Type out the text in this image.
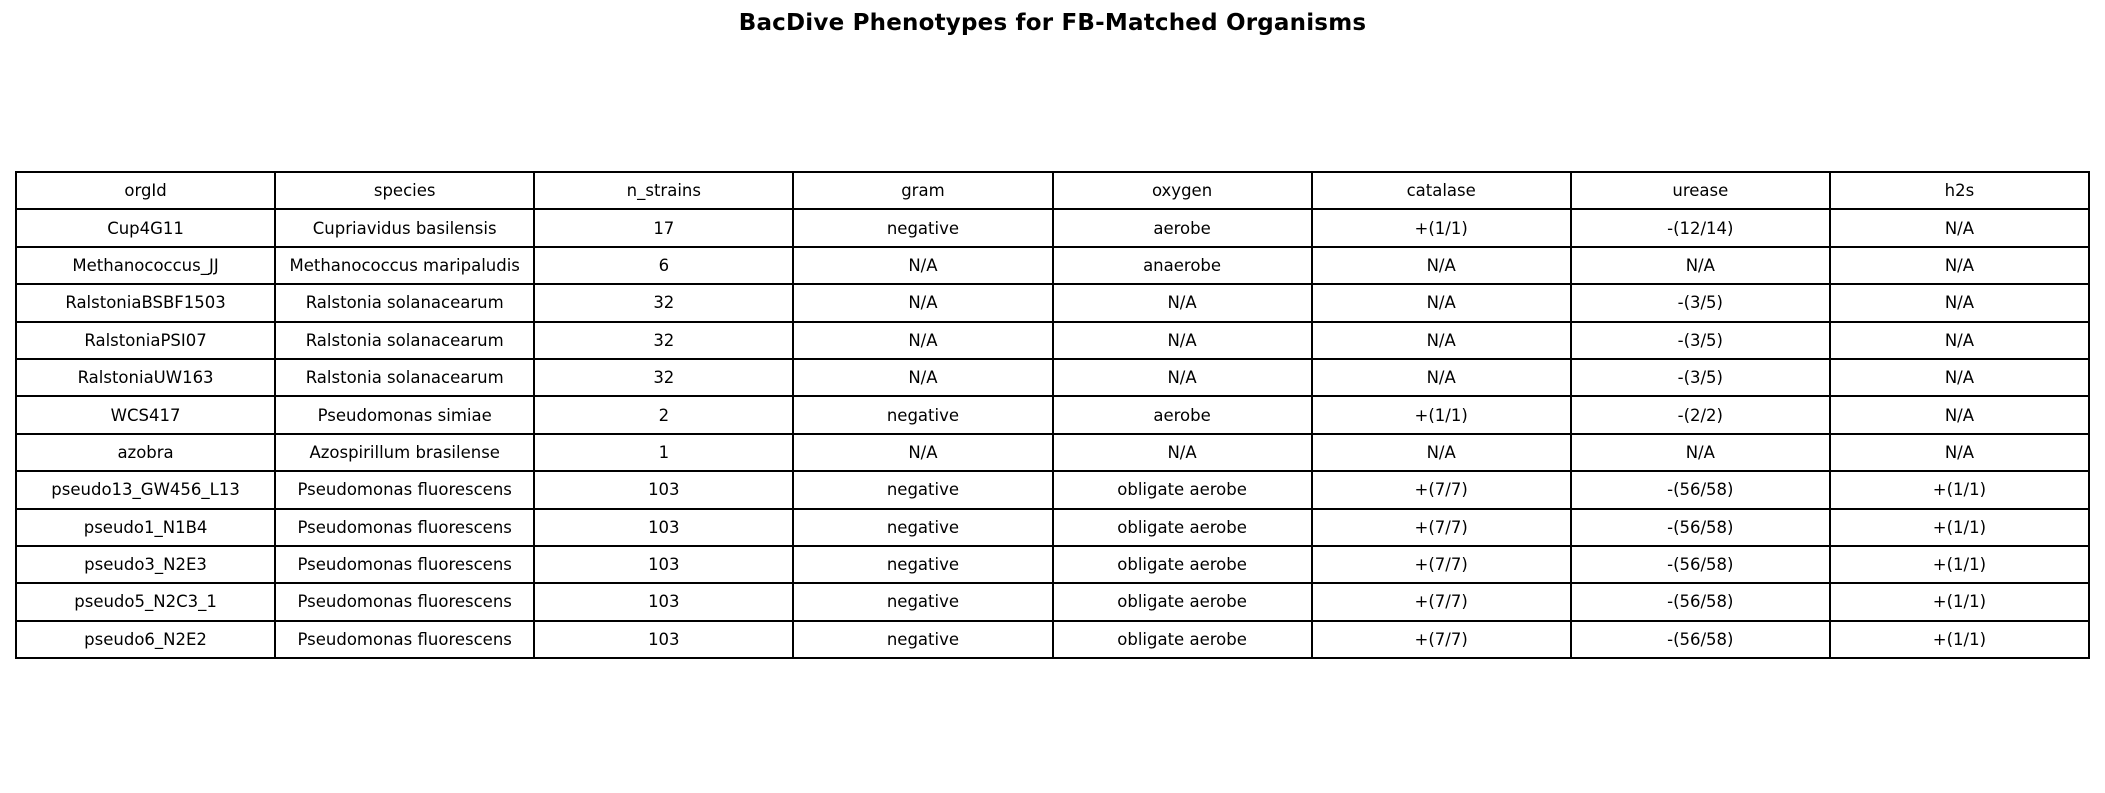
BacDive Phenotypes for FB-Matched Organisms
orgId	species	n_strains	gram	oxygen	catalase	urease	h2s
Cup4G11	Cupriavidus basilensis	17	negative	aerobe	+(1/1)	-(12/14)	N/A
Methanococcus_JJ	Methanococcus maripaludis	6	N/A	anaerobe	N/A	N/A	N/A
RalstoniaBSBF1503	Ralstonia solanacearum	32	N/A	N/A	N/A	-(3/5)	N/A
RalstoniaPSI07	Ralstonia solanacearum	32	N/A	N/A	N/A	-(3/5)	N/A
RalstoniaUW163	Ralstonia solanacearum	32	N/A	N/A	N/A	-(3/5)	N/A
WCS417	Pseudomonas simiae	2	negative	aerobe	+(1/1)	-(2/2)	N/A
azobra	Azospirillum brasilense	1	N/A	N/A	N/A	N/A	N/A
pseudo13_GW456_L13	Pseudomonas fluorescens	103	negative	obligate aerobe	+(7/7)	-(56/58)	+(1/1)
pseudo1_N1B4	Pseudomonas fluorescens	103	negative	obligate aerobe	+(7/7)	-(56/58)	+(1/1)
pseudo3_N2E3	Pseudomonas fluorescens	103	negative	obligate aerobe	+(7/7)	-(56/58)	+(1/1)
pseudo5_N2C3_1	Pseudomonas fluorescens	103	negative	obligate aerobe	+(7/7)	-(56/58)	+(1/1)
pseudo6_N2E2	Pseudomonas fluorescens	103	negative	obligate aerobe	+(7/7)	-(56/58)	+(1/1)
